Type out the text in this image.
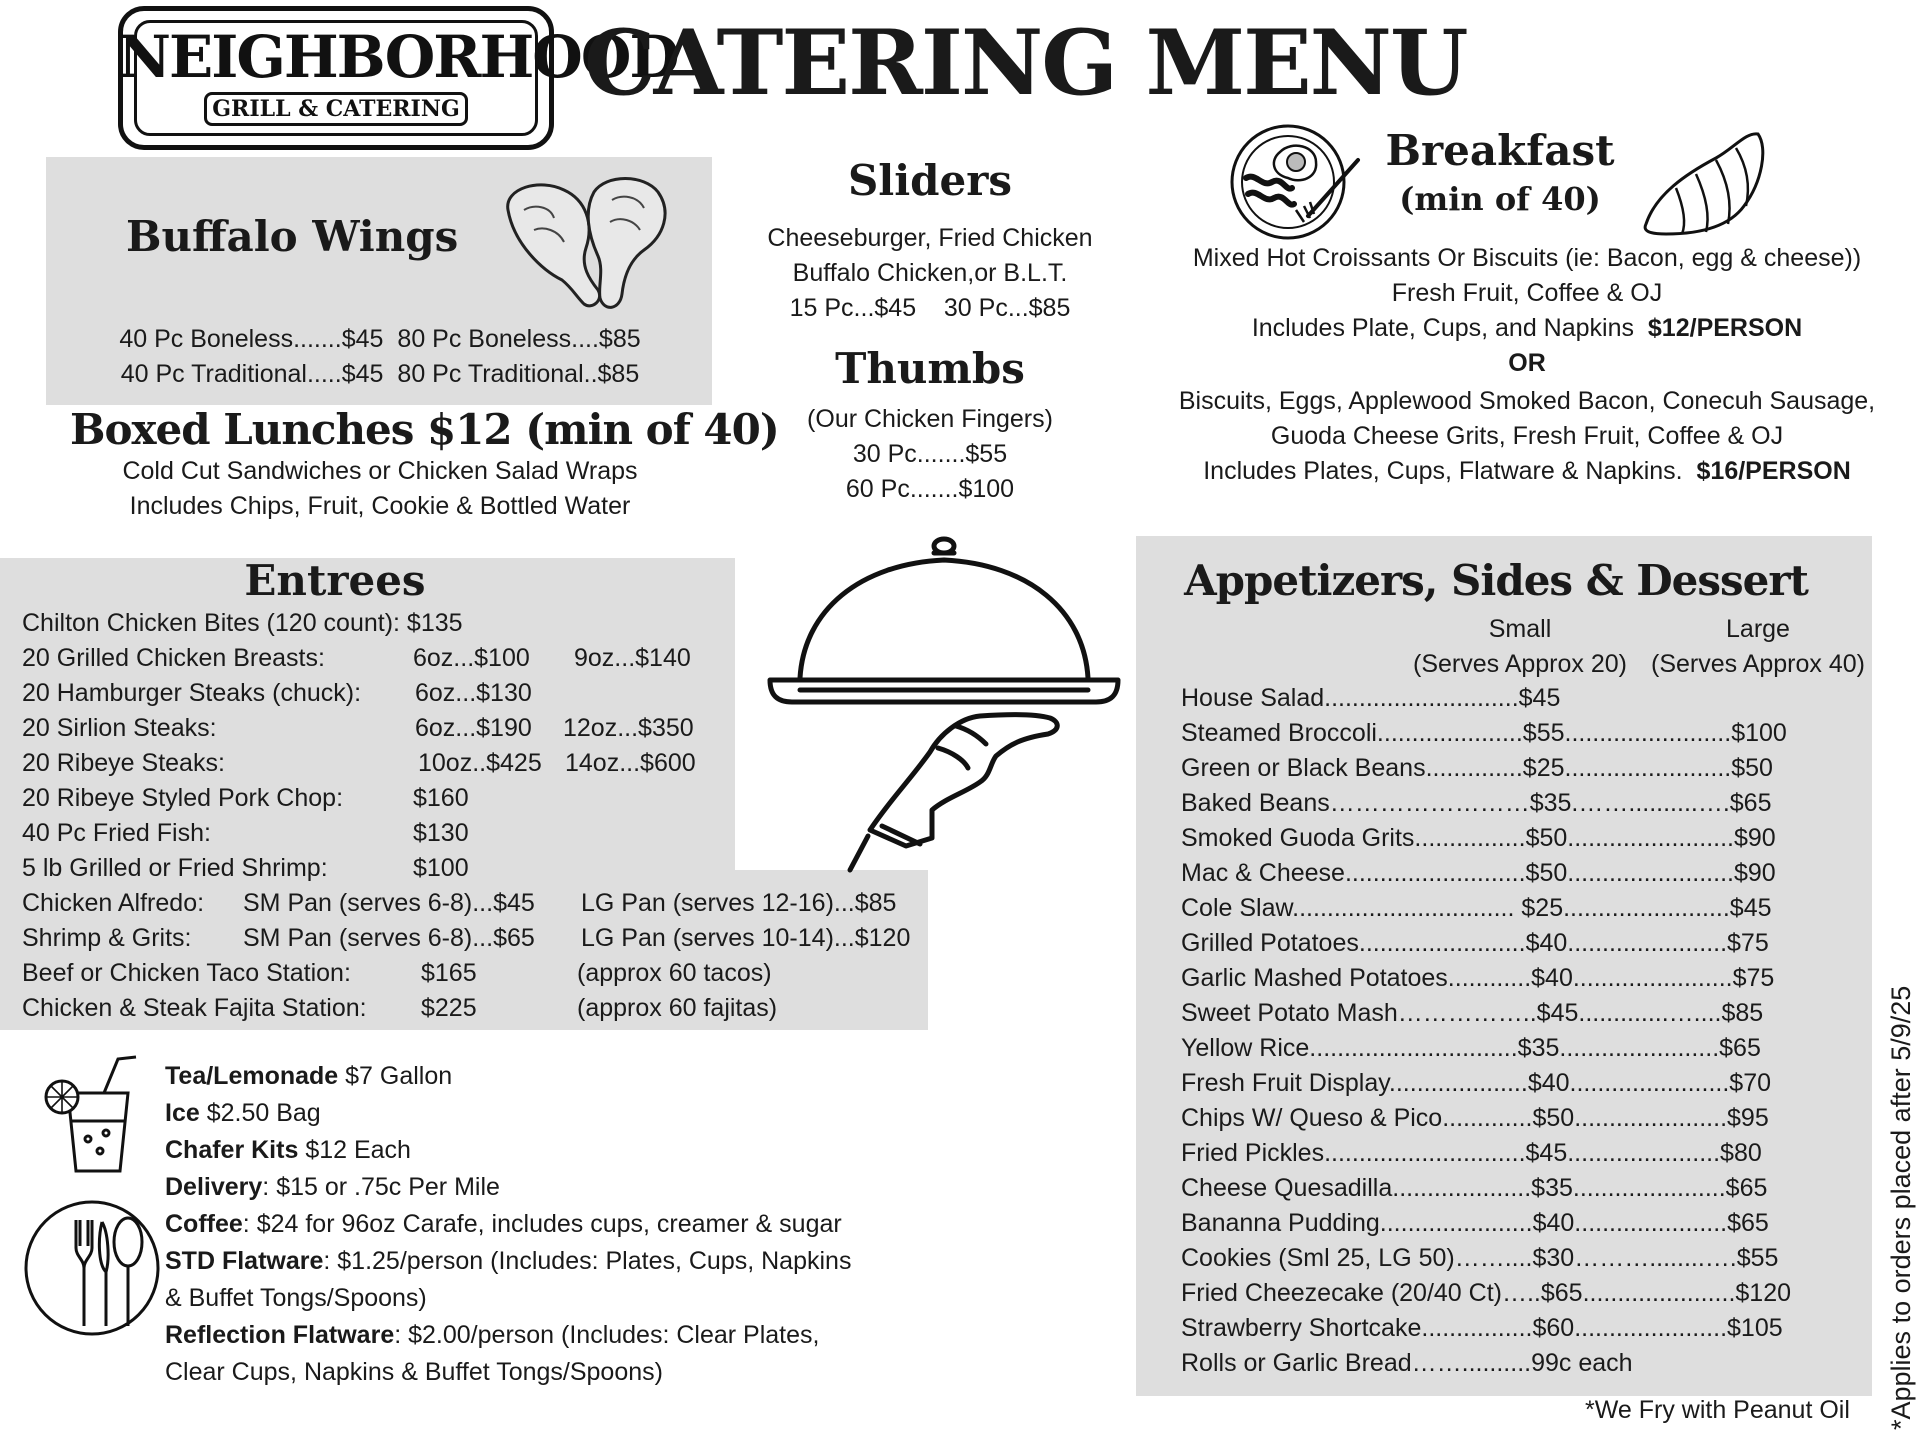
NEIGHBORHOOD
GRILL & CATERING CATERING MENU
Buffalo Wings
40 Pc Boneless.......$45 80 Pc Boneless....$85
40 Pc Traditional.....$45 80 Pc Traditional..$85
Boxed Lunches $12 (min of 40)
Cold Cut Sandwiches or Chicken Salad Wraps
Includes Chips, Fruit, Cookie & Bottled Water
Sliders
Cheeseburger, Fried Chicken
Buffalo Chicken,or B.L.T.
15 Pc...$45    30 Pc...$85
Thumbs
(Our Chicken Fingers)
30 Pc.......$55
60 Pc.......$100
Breakfast
(min of 40)
Mixed Hot Croissants Or Biscuits (ie: Bacon, egg & cheese))
Fresh Fruit, Coffee & OJ
Includes Plate, Cups, and Napkins $12/PERSON
OR
Biscuits, Eggs, Applewood Smoked Bacon, Conecuh Sausage,
Guoda Cheese Grits, Fresh Fruit, Coffee & OJ
Includes Plates, Cups, Flatware & Napkins. $16/PERSON
Entrees
Chilton Chicken Bites (120 count): $135
20 Grilled Chicken Breasts:	6oz...$100 9oz...$140
20 Hamburger Steaks (chuck): 6oz...$130
20 Sirlion Steaks:	6oz...$190 12oz...$350
20 Ribeye Steaks:	10oz..$425 14oz...$600
20 Ribeye Styled Pork Chop:	$160
40 Pc Fried Fish:	$130
5 lb Grilled or Fried Shrimp:	$100
Chicken Alfredo: SM Pan (serves 6-8)...$45 LG Pan (serves 12-16)...$85
Shrimp & Grits: SM Pan (serves 6-8)...$65 LG Pan (serves 10-14)...$120
Beef or Chicken Taco Station:	$165	(approx 60 tacos)
Chicken & Steak Fajita Station: $225	(approx 60 fajitas)
Tea/Lemonade $7 Gallon
Ice $2.50 Bag
Chafer Kits $12 Each
Delivery: $15 or .75c Per Mile
Coffee: $24 for 96oz Carafe, includes cups, creamer & sugar
STD Flatware: $1.25/person (Includes: Plates, Cups, Napkins
& Buffet Tongs/Spoons)
Reflection Flatware: $2.00/person (Includes: Clear Plates,
Clear Cups, Napkins & Buffet Tongs/Spoons)
Appetizers, Sides & Dessert
Small
(Serves Approx 20)
Large
(Serves Approx 40)
House Salad............................$45
Steamed Broccoli.....................$55........................$100
Green or Black Beans..............$25........................$50
Baked Beans……………………$35.……..........….$65
Smoked Guoda Grits................$50........................$90
Mac & Cheese..........................$50........................$90
Cole Slaw................................ $25........................$45
Grilled Potatoes........................$40.......................$75
Garlic Mashed Potatoes............$40.......................$75
Sweet Potato Mash……………..$45.............…....$85
Yellow Rice..............................$35.......................$65
Fresh Fruit Display....................$40.......................$70
Chips W/ Queso & Pico.............$50......................$95
Fried Pickles.............................$45......................$80
Cheese Quesadilla....................$35......................$65
Bananna Pudding......................$40......................$65
Cookies (Sml 25, LG 50)……....$30………........….$55
Fried Cheezecake (20/40 Ct)…..$65......................$120
Strawberry Shortcake................$60......................$105
Rolls or Garlic Bread……..........99c each
*We Fry with Peanut Oil *Applies to orders placed after 5/9/25
